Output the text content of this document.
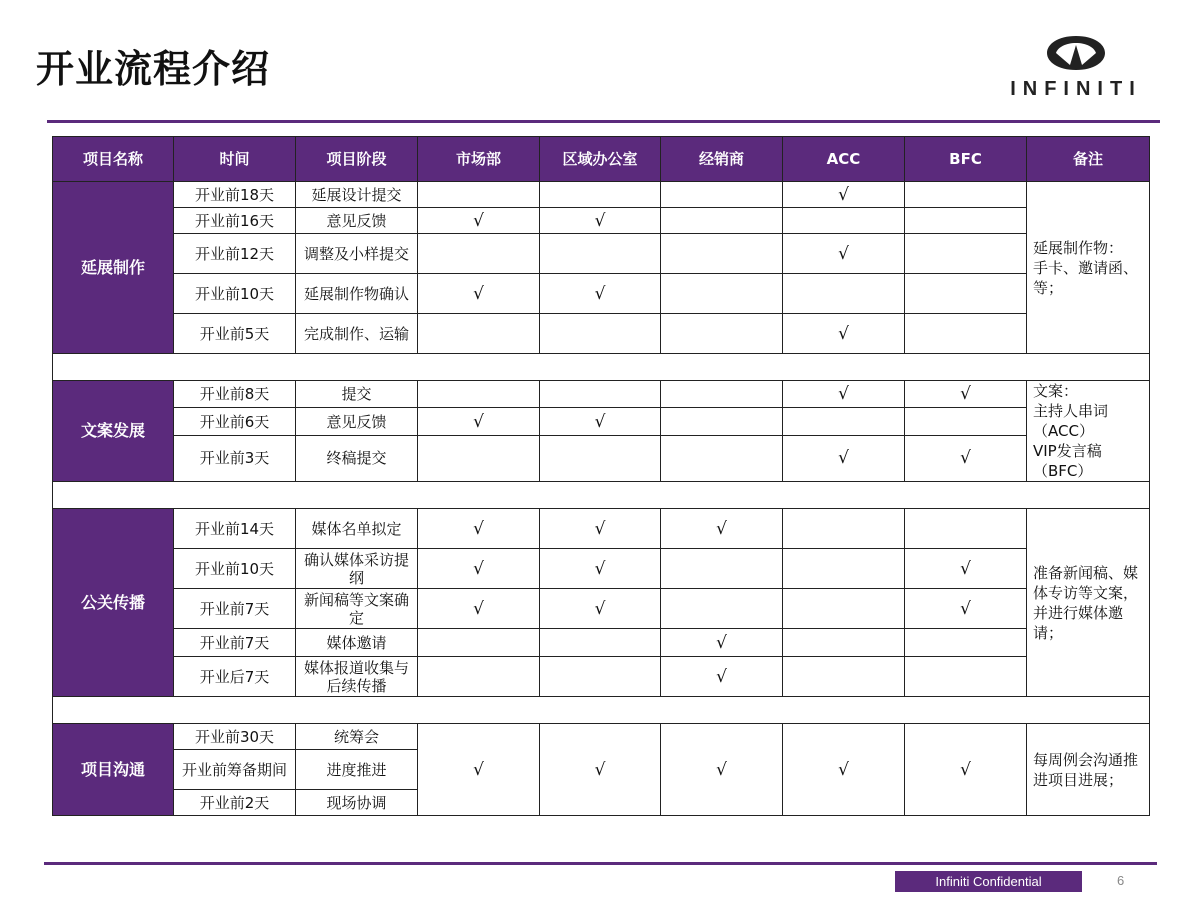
开业流程介绍	INFINITI
项目名称	时间	项目阶段	市场部	区域办公室	经销商	ACC	BFC	备注
延展制作	开业前18天	延展设计提交				√		延展制作物：
手卡、邀请函、等；
	开业前16天	意见反馈	√	√				
	开业前12天	调整及小样提交				√		
	开业前10天	延展制作物确认	√	√				
	开业前5天	完成制作、运输				√		

文案发展	开业前8天	提交				√	√	文案：
主持人串词
（ACC）
VIP发言稿
（BFC）
	开业前6天	意见反馈	√	√				
	开业前3天	终稿提交				√	√	

公关传播	开业前14天	媒体名单拟定	√	√	√			准备新闻稿、媒体专访等文案，并进行媒体邀请；
	开业前10天	确认媒体采访提纲	√	√			√	
	开业前7天	新闻稿等文案确定	√	√			√	
	开业前7天	媒体邀请			√			
	开业后7天	媒体报道收集与后续传播			√			

项目沟通	开业前30天	统筹会	√	√	√	√	√	每周例会沟通推进项目进展；
	开业前筹备期间	进度推进						
	开业前2天	现场协调						
Infiniti Confidential	6
